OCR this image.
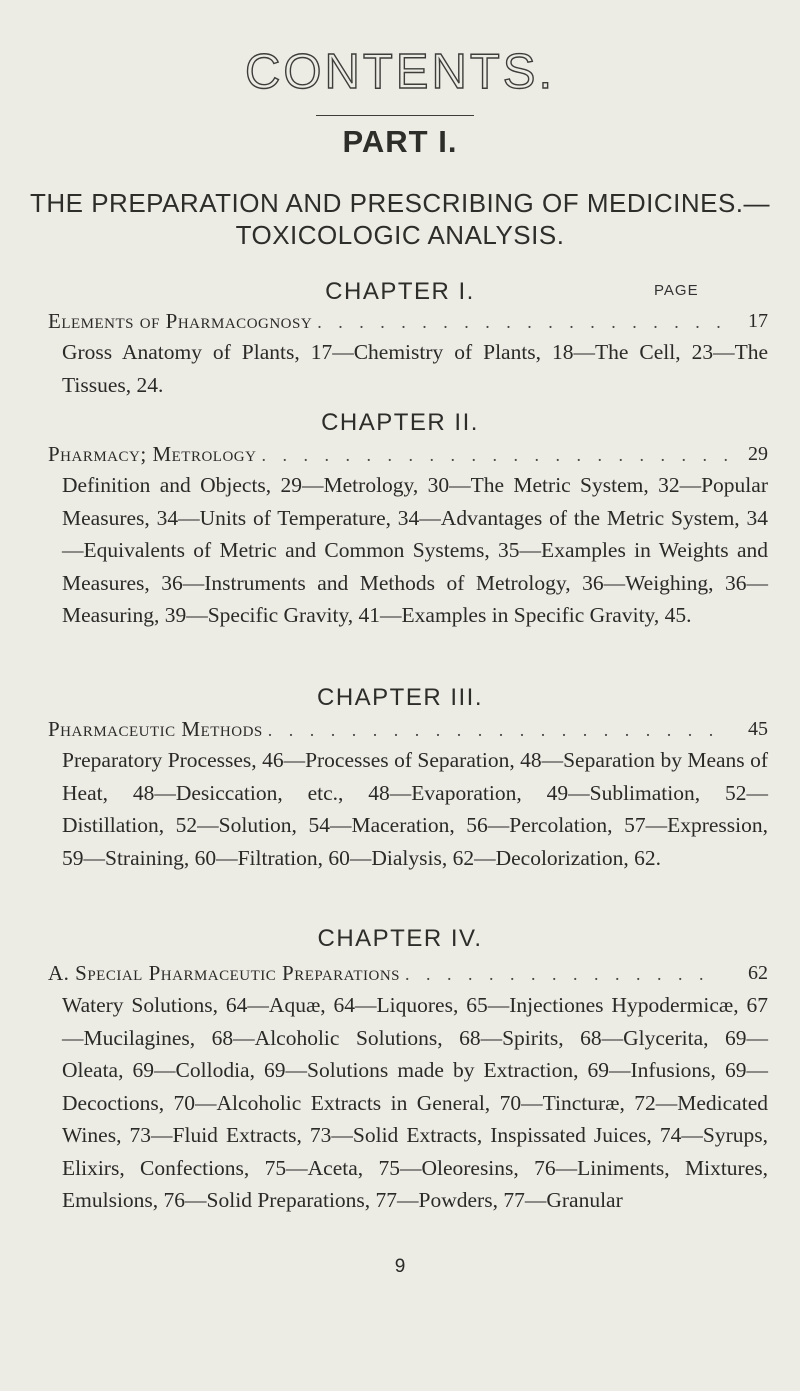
CONTENTS.
PART I.
THE PREPARATION AND PRESCRIBING OF MEDICINES.—
TOXICOLOGIC ANALYSIS.
CHAPTER I.	PAGE
Elements of Pharmacognosy . . . . . . . . . . . . . . . . . . . .	17

Gross Anatomy of Plants, 17—Chemistry of Plants, 18—The Cell, 23—The Tissues, 24.

CHAPTER II.
Pharmacy; Metrology . . . . . . . . . . . . . . . . . . . . . . . 29

Definition and Objects, 29—Metrology, 30—The Metric System, 32—Popular Measures, 34—Units of Temperature, 34—Advantages of the Metric System, 34—Equivalents of Metric and Common Systems, 35—Examples in Weights and Measures, 36—Instruments and Methods of Metrology, 36—Weighing, 36—Measuring, 39—Specific Gravity, 41—Examples in Specific Gravity, 45.

CHAPTER III.
Pharmaceutic Methods . . . . . . . . . . . . . . . . . . . . . .	45

Preparatory Processes, 46—Processes of Separation, 48—Separation by Means of Heat, 48—Desiccation, etc., 48—Evaporation, 49—Sublimation, 52—Distillation, 52—Solution, 54—Maceration, 56—Percolation, 57—Expression, 59—Straining, 60—Filtration, 60—Dialysis, 62—Decolorization, 62.

CHAPTER IV.
A. Special Pharmaceutic Preparations . . . . . . . . . . . . . . .	62

Watery Solutions, 64—Aquæ, 64—Liquores, 65—Injectiones Hypodermicæ, 67—Mucilagines, 68—Alcoholic Solutions, 68—Spirits, 68—Glycerita, 69—Oleata, 69—Collodia, 69—Solutions made by Extraction, 69—Infusions, 69—Decoctions, 70—Alcoholic Extracts in General, 70—Tincturæ, 72—Medicated Wines, 73—Fluid Extracts, 73—Solid Extracts, Inspissated Juices, 74—Syrups, Elixirs, Confections, 75—Aceta, 75—Oleoresins, 76—Liniments, Mixtures, Emulsions, 76—Solid Preparations, 77—Powders, 77—Granular

9
